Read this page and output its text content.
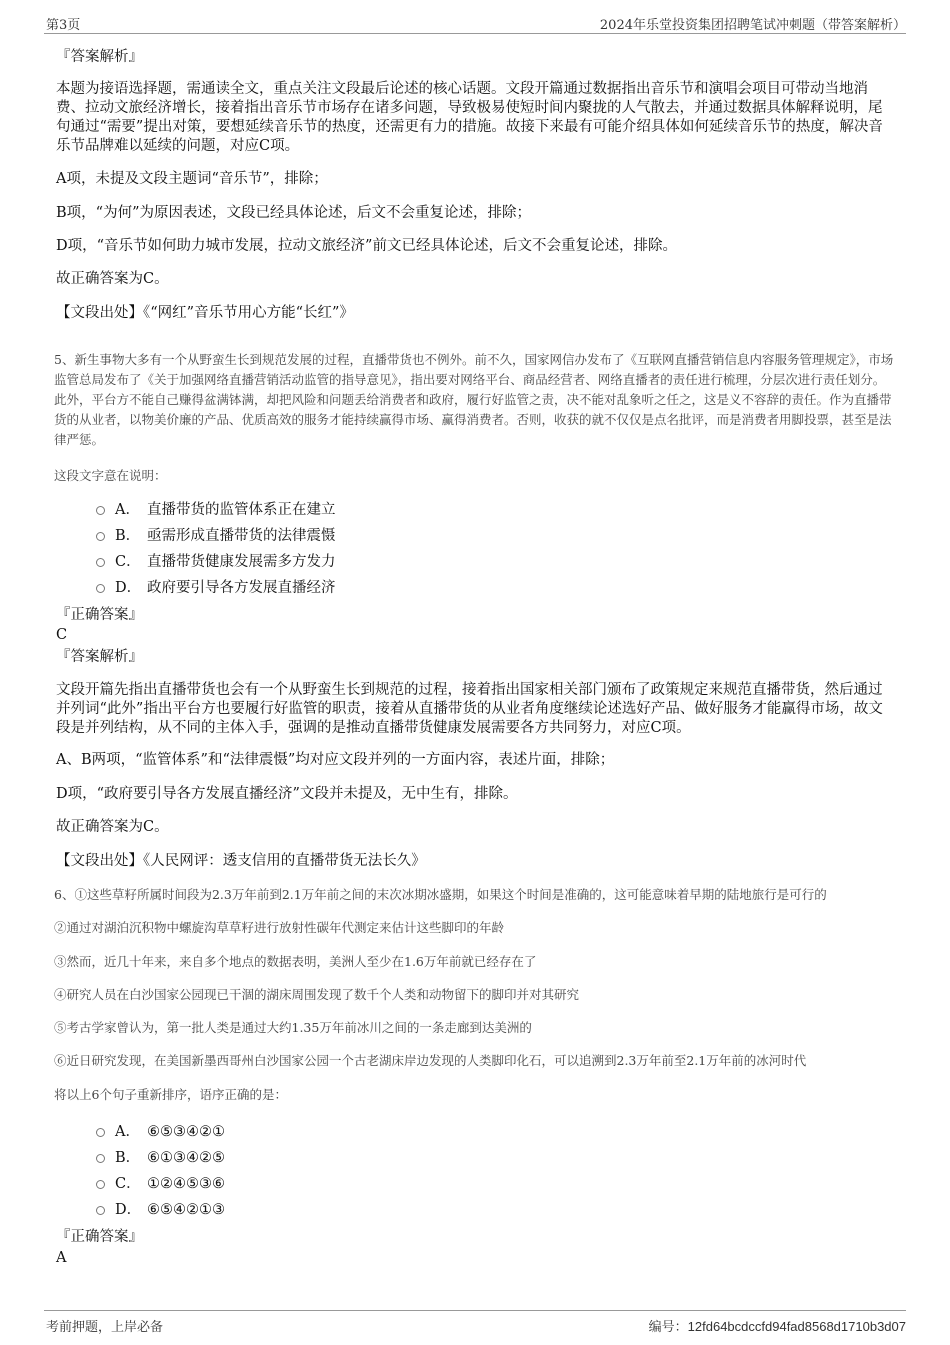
第3页	2024年乐堂投资集团招聘笔试冲刺题（带答案解析）
『答案解析』
本题为接语选择题，需通读全文，重点关注文段最后论述的核心话题。文段开篇通过数据指出音乐节和演唱会项目可带动当地消费、拉动文旅经济增长，接着指出音乐节市场存在诸多问题，导致极易使短时间内聚拢的人气散去，并通过数据具体解释说明，尾句通过“需要”提出对策，要想延续音乐节的热度，还需更有力的措施。故接下来最有可能介绍具体如何延续音乐节的热度，解决音乐节品牌难以延续的问题，对应C项。
A项，未提及文段主题词“音乐节”，排除；
B项，“为何”为原因表述，文段已经具体论述，后文不会重复论述，排除；
D项，“音乐节如何助力城市发展，拉动文旅经济”前文已经具体论述，后文不会重复论述，排除。
故正确答案为C。
【文段出处】《“网红”音乐节用心方能“长红”》
5、新生事物大多有一个从野蛮生长到规范发展的过程，直播带货也不例外。前不久，国家网信办发布了《互联网直播营销信息内容服务管理规定》，市场监管总局发布了《关于加强网络直播营销活动监管的指导意见》，指出要对网络平台、商品经营者、网络直播者的责任进行梳理，分层次进行责任划分。此外，平台方不能自己赚得盆满钵满，却把风险和问题丢给消费者和政府，履行好监管之责，决不能对乱象听之任之，这是义不容辞的责任。作为直播带货的从业者，以物美价廉的产品、优质高效的服务才能持续赢得市场、赢得消费者。否则，收获的就不仅仅是点名批评，而是消费者用脚投票，甚至是法律严惩。
这段文字意在说明：
A． 直播带货的监管体系正在建立
B． 亟需形成直播带货的法律震慑
C． 直播带货健康发展需多方发力
D． 政府要引导各方发展直播经济
『正确答案』
C
『答案解析』
文段开篇先指出直播带货也会有一个从野蛮生长到规范的过程，接着指出国家相关部门颁布了政策规定来规范直播带货，然后通过并列词“此外”指出平台方也要履行好监管的职责，接着从直播带货的从业者角度继续论述选好产品、做好服务才能赢得市场，故文段是并列结构，从不同的主体入手，强调的是推动直播带货健康发展需要各方共同努力，对应C项。
A、B两项，“监管体系”和“法律震慑”均对应文段并列的一方面内容，表述片面，排除；
D项，“政府要引导各方发展直播经济”文段并未提及，无中生有，排除。
故正确答案为C。
【文段出处】《人民网评：透支信用的直播带货无法长久》
6、①这些草籽所属时间段为2.3万年前到2.1万年前之间的末次冰期冰盛期，如果这个时间是准确的，这可能意味着早期的陆地旅行是可行的
②通过对湖泊沉积物中螺旋沟草草籽进行放射性碳年代测定来估计这些脚印的年龄
③然而，近几十年来，来自多个地点的数据表明，美洲人至少在1.6万年前就已经存在了
④研究人员在白沙国家公园现已干涸的湖床周围发现了数千个人类和动物留下的脚印并对其研究
⑤考古学家曾认为，第一批人类是通过大约1.35万年前冰川之间的一条走廊到达美洲的
⑥近日研究发现，在美国新墨西哥州白沙国家公园一个古老湖床岸边发现的人类脚印化石，可以追溯到2.3万年前至2.1万年前的冰河时代
将以上6个句子重新排序，语序正确的是：
A． ⑥⑤③④②①
B． ⑥①③④②⑤
C． ①②④⑤③⑥
D． ⑥⑤④②①③
『正确答案』
A
考前押题，上岸必备	编号：12fd64bcdccfd94fad8568d1710b3d07
